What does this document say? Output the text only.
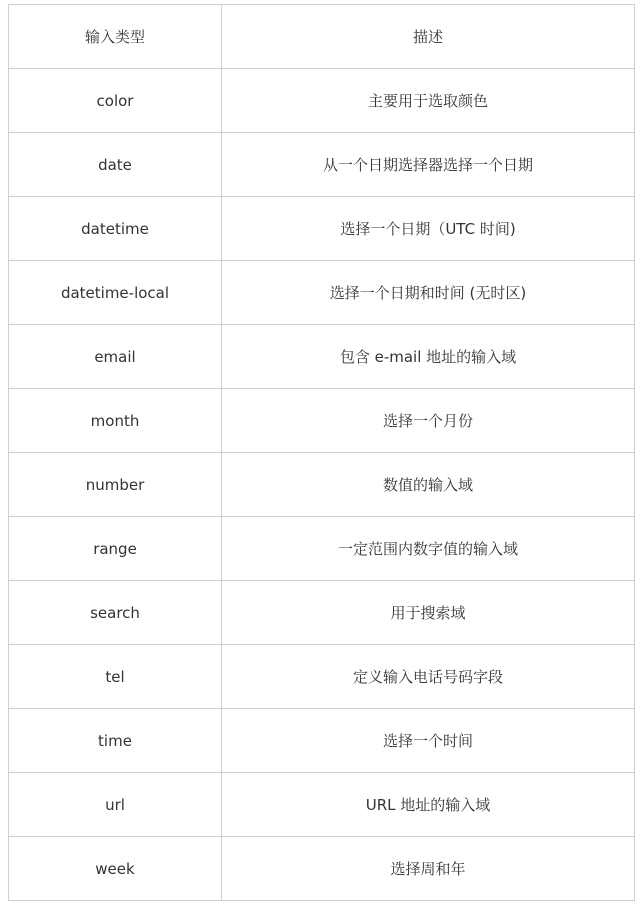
输入类型	描述
color	主要用于选取颜色
date	从一个日期选择器选择一个日期
datetime	选择一个日期（UTC 时间)
datetime-local	选择一个日期和时间 (无时区)
email	包含 e-mail 地址的输入域
month	选择一个月份
number	数值的输入域
range	一定范围内数字值的输入域
search	用于搜索域
tel	定义输入电话号码字段
time	选择一个时间
url	URL 地址的输入域
week	选择周和年
